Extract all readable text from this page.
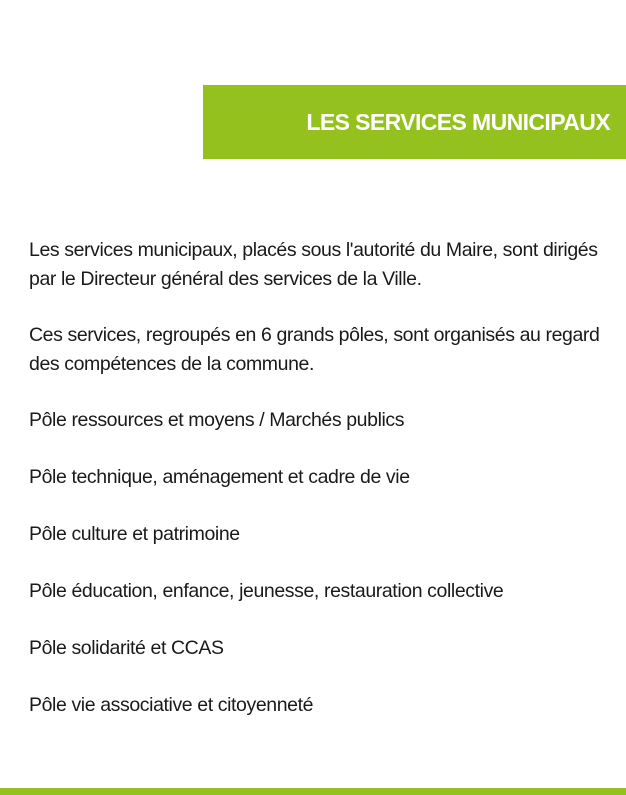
LES SERVICES MUNICIPAUX

Les services municipaux, placés sous l'autorité du Maire, sont dirigés par le Directeur général des services de la Ville.

Ces services, regroupés en 6 grands pôles, sont organisés au regard des compétences de la commune.

Pôle ressources et moyens / Marchés publics

Pôle technique, aménagement et cadre de vie

Pôle culture et patrimoine

Pôle éducation, enfance, jeunesse, restauration collective

Pôle solidarité et CCAS

Pôle vie associative et citoyenneté
